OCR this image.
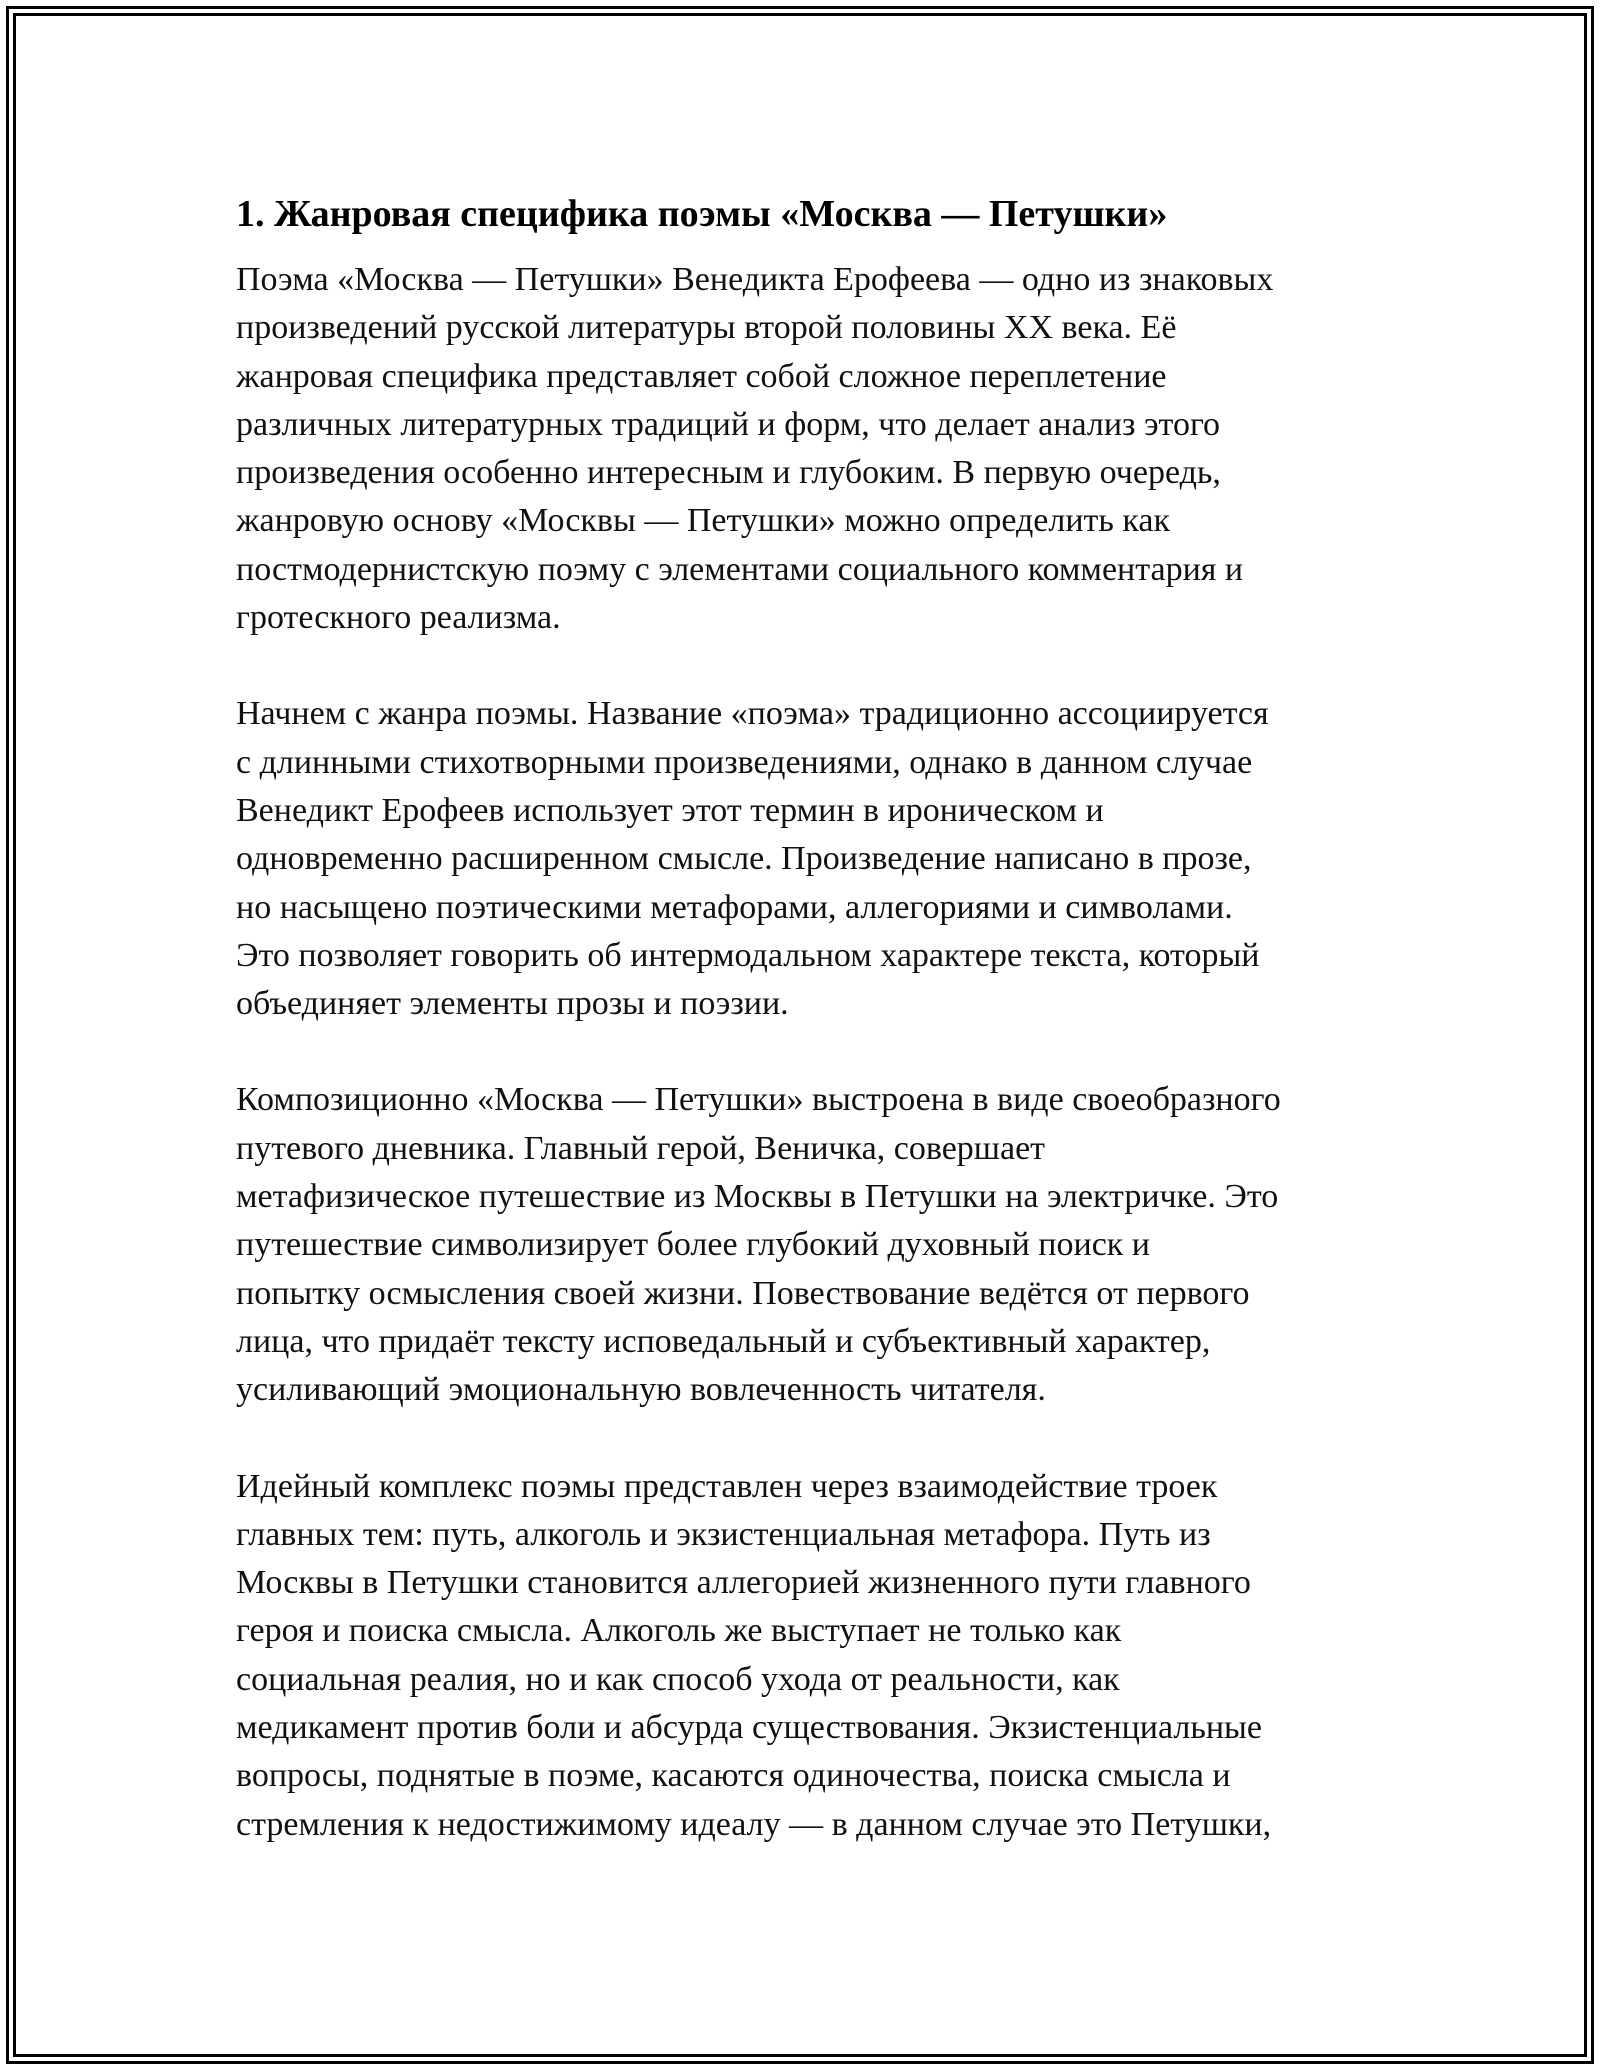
1. Жанровая специфика поэмы «Москва — Петушки»

Поэма «Москва — Петушки» Венедикта Ерофеева — одно из знаковых
произведений русской литературы второй половины XX века. Её
жанровая специфика представляет собой сложное переплетение
различных литературных традиций и форм, что делает анализ этого
произведения особенно интересным и глубоким. В первую очередь,
жанровую основу «Москвы — Петушки» можно определить как
постмодернистскую поэму с элементами социального комментария и
гротескного реализма.

Начнем с жанра поэмы. Название «поэма» традиционно ассоциируется
с длинными стихотворными произведениями, однако в данном случае
Венедикт Ерофеев использует этот термин в ироническом и
одновременно расширенном смысле. Произведение написано в прозе,
но насыщено поэтическими метафорами, аллегориями и символами.
Это позволяет говорить об интермодальном характере текста, который
объединяет элементы прозы и поэзии.

Композиционно «Москва — Петушки» выстроена в виде своеобразного
путевого дневника. Главный герой, Веничка, совершает
метафизическое путешествие из Москвы в Петушки на электричке. Это
путешествие символизирует более глубокий духовный поиск и
попытку осмысления своей жизни. Повествование ведётся от первого
лица, что придаёт тексту исповедальный и субъективный характер,
усиливающий эмоциональную вовлеченность читателя.

Идейный комплекс поэмы представлен через взаимодействие троек
главных тем: путь, алкоголь и экзистенциальная метафора. Путь из
Москвы в Петушки становится аллегорией жизненного пути главного
героя и поиска смысла. Алкоголь же выступает не только как
социальная реалия, но и как способ ухода от реальности, как
медикамент против боли и абсурда существования. Экзистенциальные
вопросы, поднятые в поэме, касаются одиночества, поиска смысла и
стремления к недостижимому идеалу — в данном случае это Петушки,
